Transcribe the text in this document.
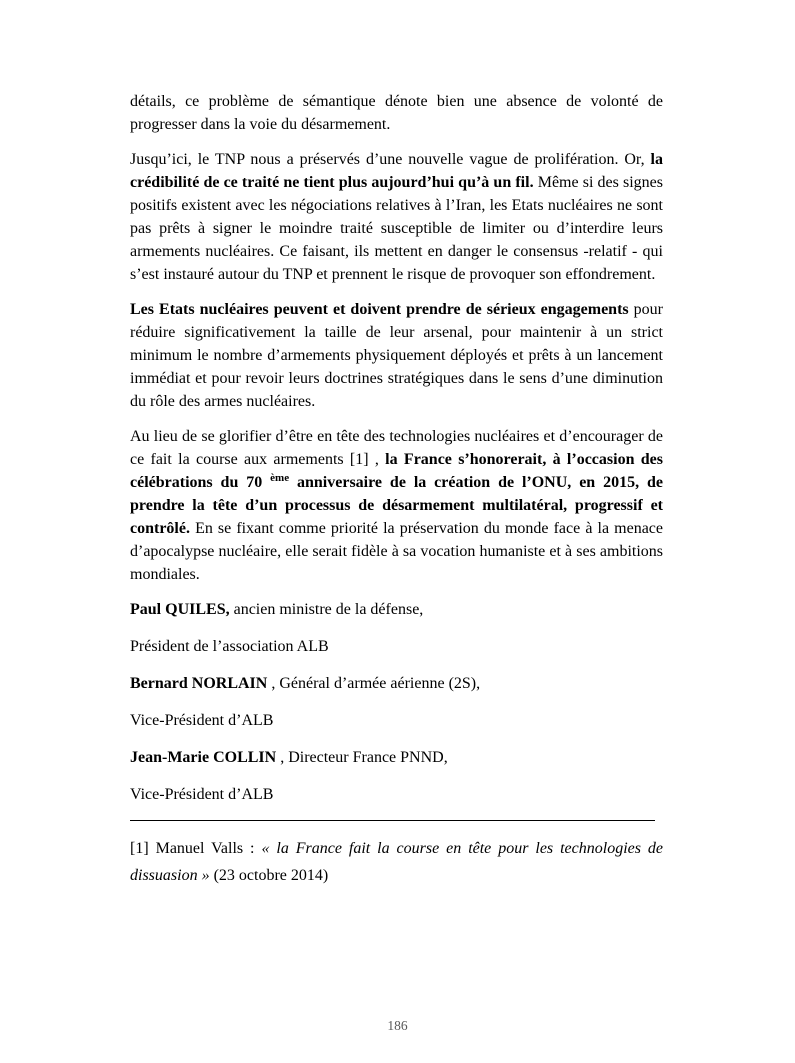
détails, ce problème de sémantique dénote bien une absence de volonté de progresser dans la voie du désarmement.

Jusqu’ici, le TNP nous a préservés d’une nouvelle vague de prolifération. Or, la crédibilité de ce traité ne tient plus aujourd’hui qu’à un fil. Même si des signes positifs existent avec les négociations relatives à l’Iran, les Etats nucléaires ne sont pas prêts à signer le moindre traité susceptible de limiter ou d’interdire leurs armements nucléaires. Ce faisant, ils mettent en danger le consensus -relatif - qui s’est instauré autour du TNP et prennent le risque de provoquer son effondrement.

Les Etats nucléaires peuvent et doivent prendre de sérieux engagements pour réduire significativement la taille de leur arsenal, pour maintenir à un strict minimum le nombre d’armements physiquement déployés et prêts à un lancement immédiat et pour revoir leurs doctrines stratégiques dans le sens d’une diminution du rôle des armes nucléaires.

Au lieu de se glorifier d’être en tête des technologies nucléaires et d’encourager de ce fait la course aux armements [1] , la France s’honorerait, à l’occasion des célébrations du 70 $^{ème}$ anniversaire de la création de l’ONU, en 2015, de prendre la tête d’un processus de désarmement multilatéral, progressif et contrôlé. En se fixant comme priorité la préservation du monde face à la menace d’apocalypse nucléaire, elle serait fidèle à sa vocation humaniste et à ses ambitions mondiales.

Paul QUILES, ancien ministre de la défense,

Président de l’association ALB

Bernard NORLAIN , Général d’armée aérienne (2S),

Vice-Président d’ALB

Jean-Marie COLLIN , Directeur France PNND,

Vice-Président d’ALB

[1] Manuel Valls : « la France fait la course en tête pour les technologies de dissuasion » (23 octobre 2014)

186
